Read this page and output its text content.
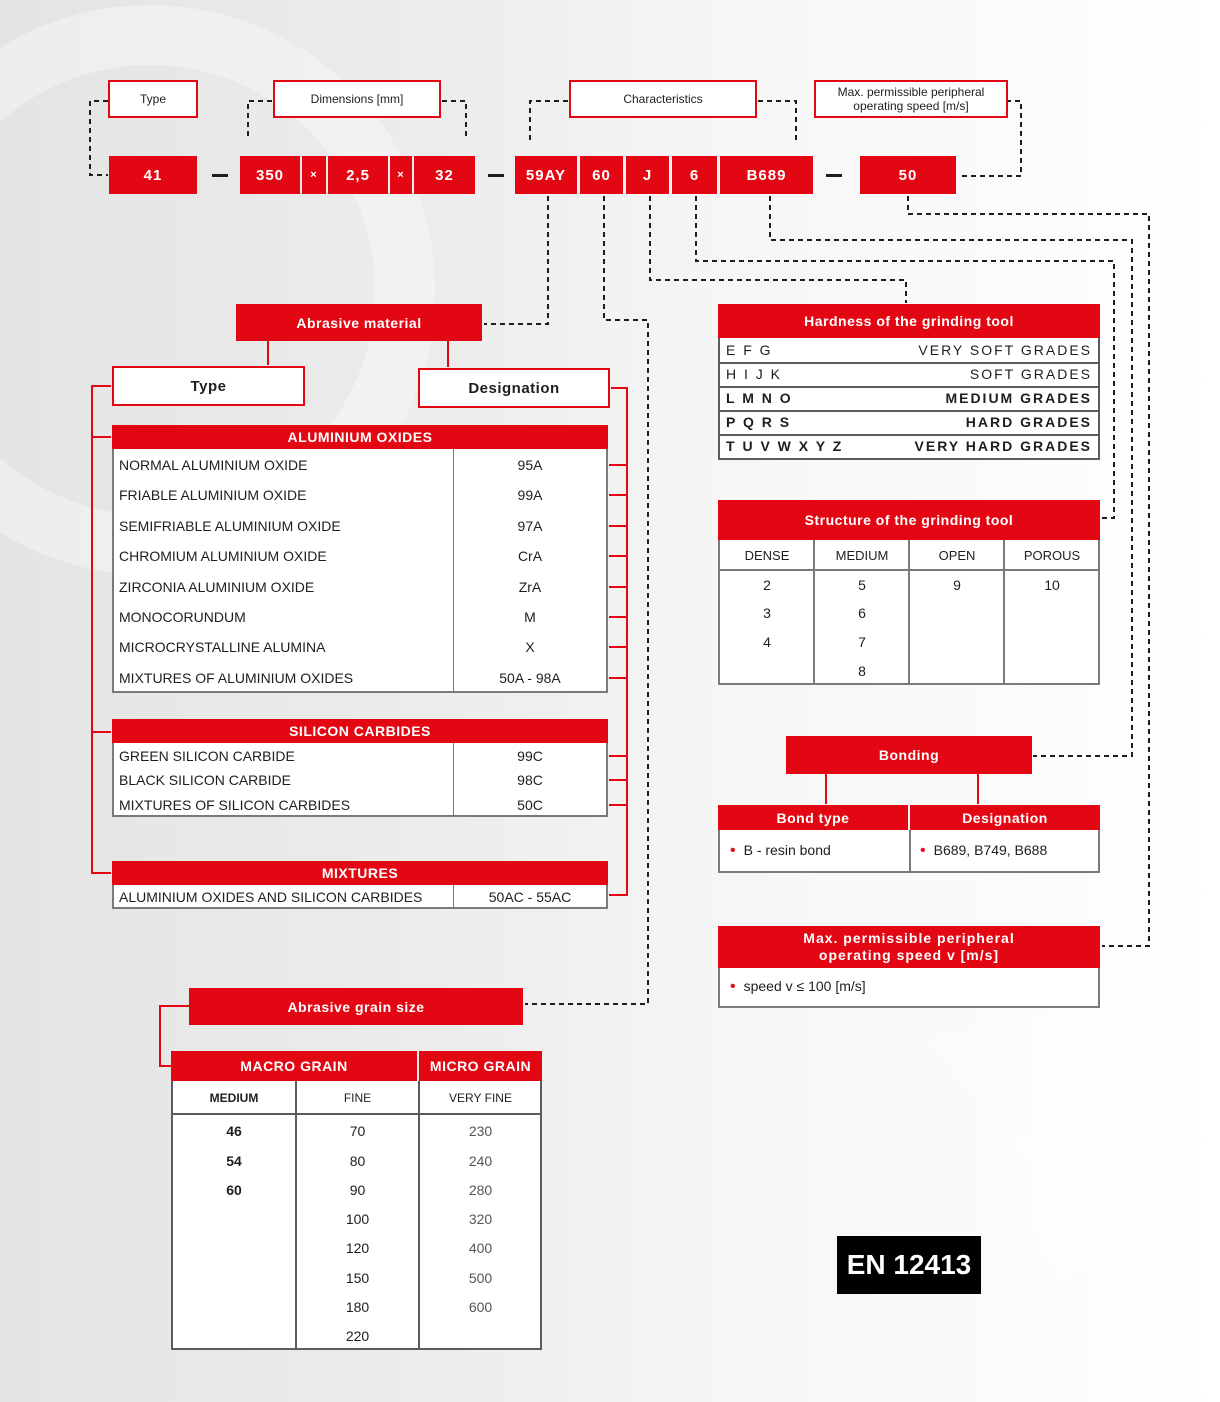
Type	Dimensions [mm]	Characteristics	Max. permissible peripheral operating speed [m/s]
41	350	×	2,5	×	32	59AY	60	J	6	B689	50
Abrasive material
Type	Designation
ALUMINIUM OXIDES
NORMAL ALUMINIUM OXIDE	95A
FRIABLE ALUMINIUM OXIDE	99A
SEMIFRIABLE ALUMINIUM OXIDE	97A
CHROMIUM ALUMINIUM OXIDE	CrA
ZIRCONIA ALUMINIUM OXIDE	ZrA
MONOCORUNDUM	M
MICROCRYSTALLINE ALUMINA	X
MIXTURES OF ALUMINIUM OXIDES	50A - 98A
SILICON CARBIDES
GREEN SILICON CARBIDE	99C
BLACK SILICON CARBIDE	98C
MIXTURES OF SILICON CARBIDES	50C
MIXTURES
ALUMINIUM OXIDES AND SILICON CARBIDES	50AC - 55AC
Hardness of the grinding tool
E F G	VERY SOFT GRADES
H I J K	SOFT GRADES
L M N O	MEDIUM GRADES
P Q R S	HARD GRADES
T U V W X Y Z	VERY HARD GRADES
Structure of the grinding tool
DENSE	MEDIUM	OPEN	POROUS
2
3
4
5
6
7
8
9	10
Bonding
Bond type	Designation
• B - resin bond
•	B689, B749, B688
Max. permissible peripheral
operating speed v [m/s]
• speed v ≤ 100 [m/s]
Abrasive grain size
MACRO GRAIN	MICRO GRAIN
MEDIUM	FINE	VERY FINE
46
54
60
70
80
90
100
120
150
180
220
230
240
280
320
400
500
600
EN 12413
